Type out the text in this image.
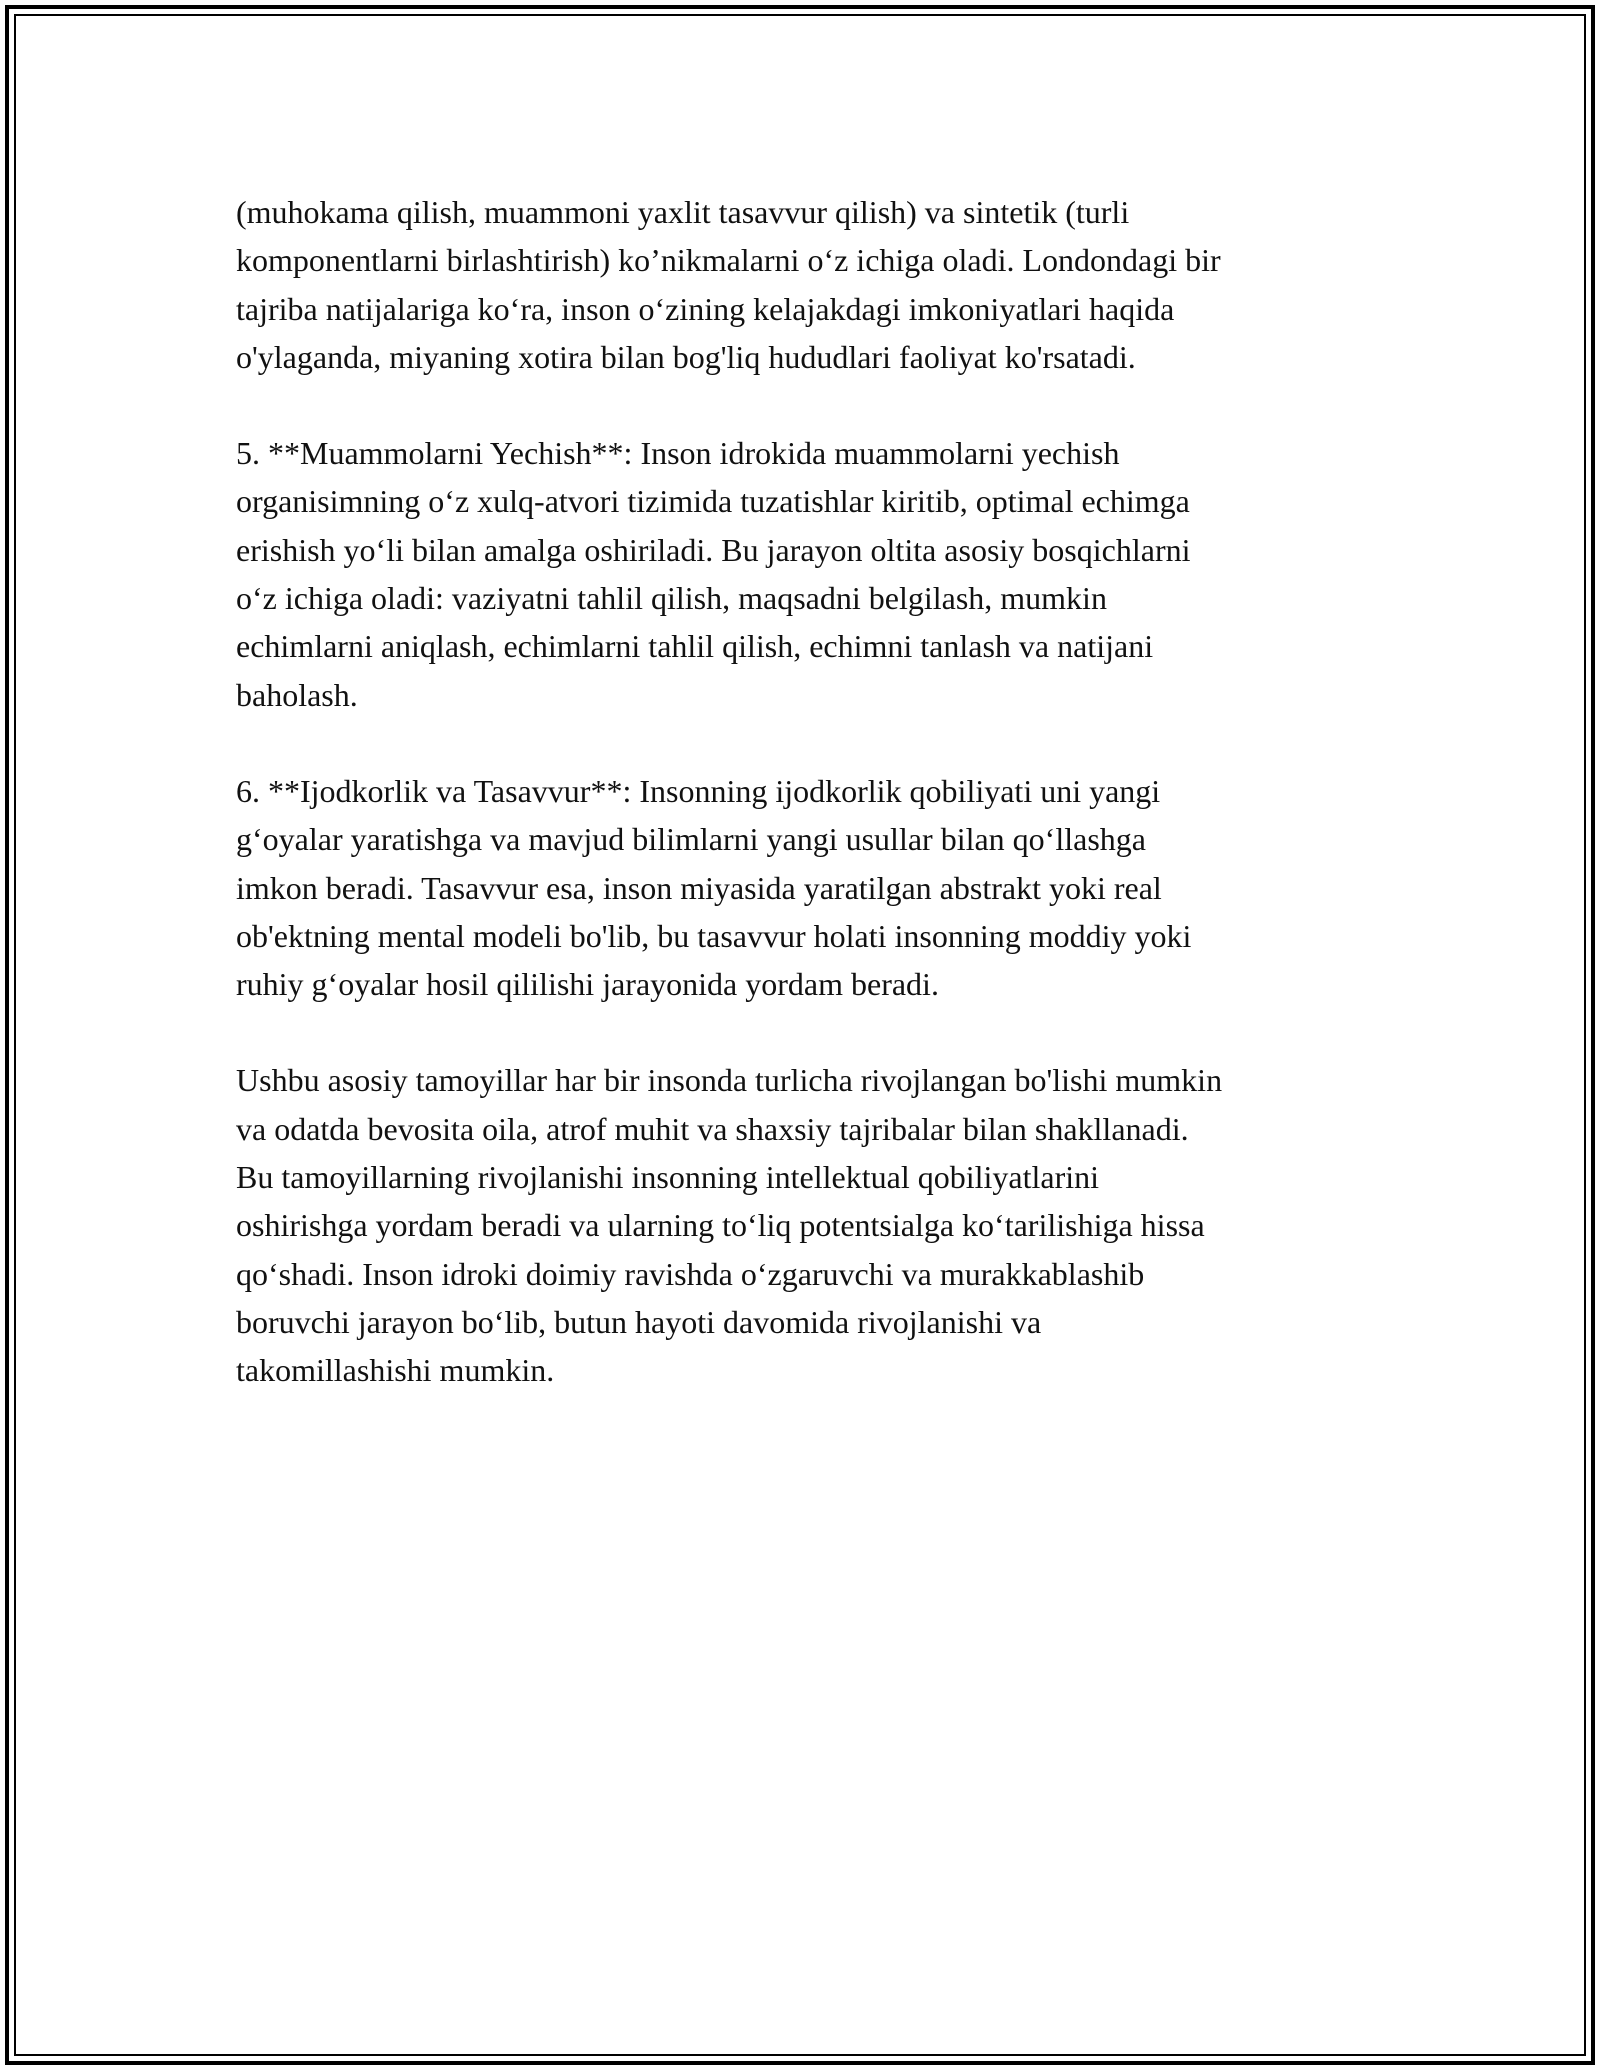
(muhokama qilish, muammoni yaxlit tasavvur qilish) va sintetik (turli
komponentlarni birlashtirish) ko’nikmalarni o‘z ichiga oladi. Londondagi bir
tajriba natijalariga ko‘ra, inson o‘zining kelajakdagi imkoniyatlari haqida
o'ylaganda, miyaning xotira bilan bog'liq hududlari faoliyat ko'rsatadi.

5. **Muammolarni Yechish**: Inson idrokida muammolarni yechish
organisimning o‘z xulq-atvori tizimida tuzatishlar kiritib, optimal echimga
erishish yo‘li bilan amalga oshiriladi. Bu jarayon oltita asosiy bosqichlarni
o‘z ichiga oladi: vaziyatni tahlil qilish, maqsadni belgilash, mumkin
echimlarni aniqlash, echimlarni tahlil qilish, echimni tanlash va natijani
baholash.

6. **Ijodkorlik va Tasavvur**: Insonning ijodkorlik qobiliyati uni yangi
g‘oyalar yaratishga va mavjud bilimlarni yangi usullar bilan qo‘llashga
imkon beradi. Tasavvur esa, inson miyasida yaratilgan abstrakt yoki real
ob'ektning mental modeli bo'lib, bu tasavvur holati insonning moddiy yoki
ruhiy g‘oyalar hosil qililishi jarayonida yordam beradi.

Ushbu asosiy tamoyillar har bir insonda turlicha rivojlangan bo'lishi mumkin
va odatda bevosita oila, atrof muhit va shaxsiy tajribalar bilan shakllanadi.
Bu tamoyillarning rivojlanishi insonning intellektual qobiliyatlarini
oshirishga yordam beradi va ularning to‘liq potentsialga ko‘tarilishiga hissa
qo‘shadi. Inson idroki doimiy ravishda o‘zgaruvchi va murakkablashib
boruvchi jarayon bo‘lib, butun hayoti davomida rivojlanishi va
takomillashishi mumkin.
